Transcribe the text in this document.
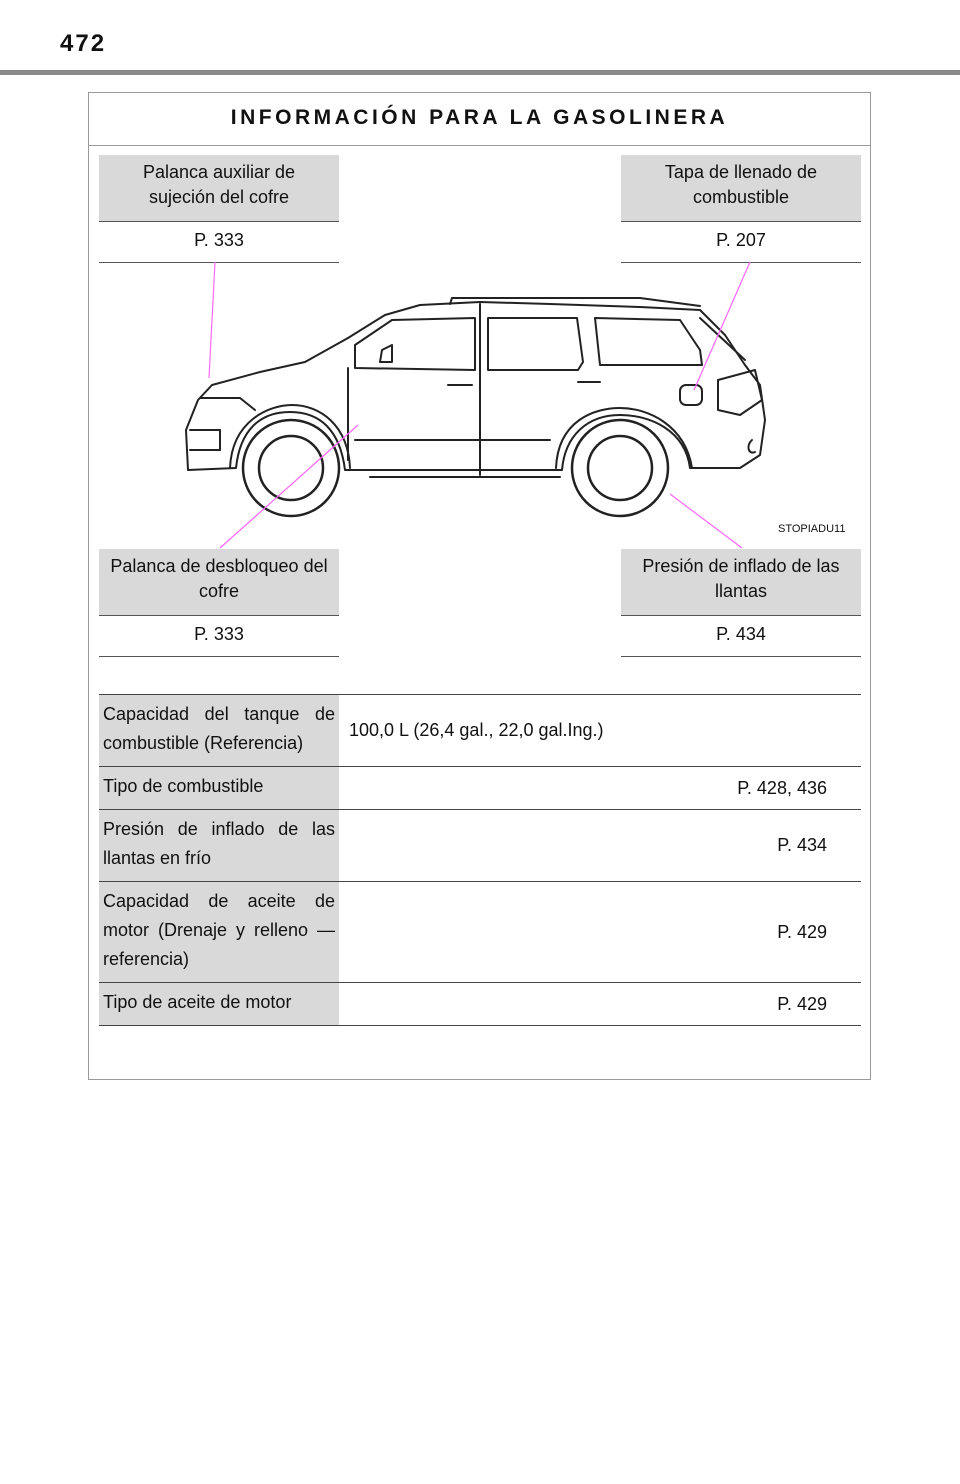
472
INFORMACIÓN PARA LA GASOLINERA
Palanca auxiliar de sujeción del cofre
P. 333
Tapa de llenado de combustible
P. 207
Palanca de desbloqueo del cofre
P. 333
Presión de inflado de las llantas
P. 434
STOPIADU11
Capacidad del tanque de combustible (Referencia)	100,0 L (26,4 gal., 22,0 gal.Ing.)
Tipo de combustible	P. 428, 436
Presión de inflado de las llantas en frío	P. 434
Capacidad de aceite de motor (Drenaje y relleno — referencia)	P. 429
Tipo de aceite de motor	P. 429
